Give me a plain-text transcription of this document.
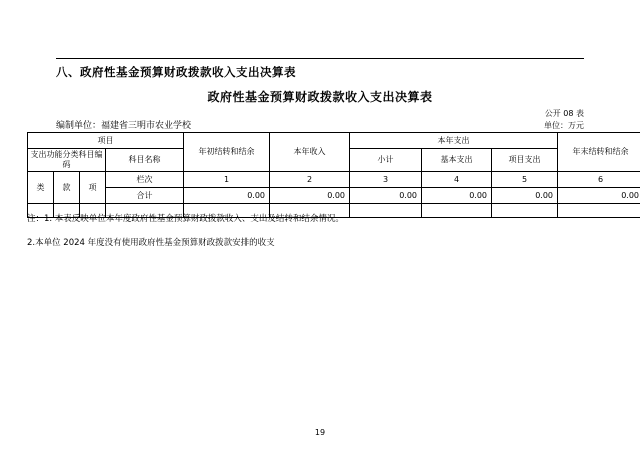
八、政府性基金预算财政拨款收入支出决算表
政府性基金预算财政拨款收入支出决算表
公开 08 表
单位：万元
编制单位：福建省三明市农业学校
项目				年初结转和结余	本年收入	本年支出			年末结转和结余

支出功能分类科目编码			科目名称			小计	基本支出	项目支出	
类	款	项	栏次	1	2	3	4	5	6
			合计	0.00	0.00	0.00	0.00	0.00	0.00

注：1. 本表反映单位本年度政府性基金预算财政拨款收入、支出及结转和结余情况。

2.本单位 2024 年度没有使用政府性基金预算财政拨款安排的收支

19
